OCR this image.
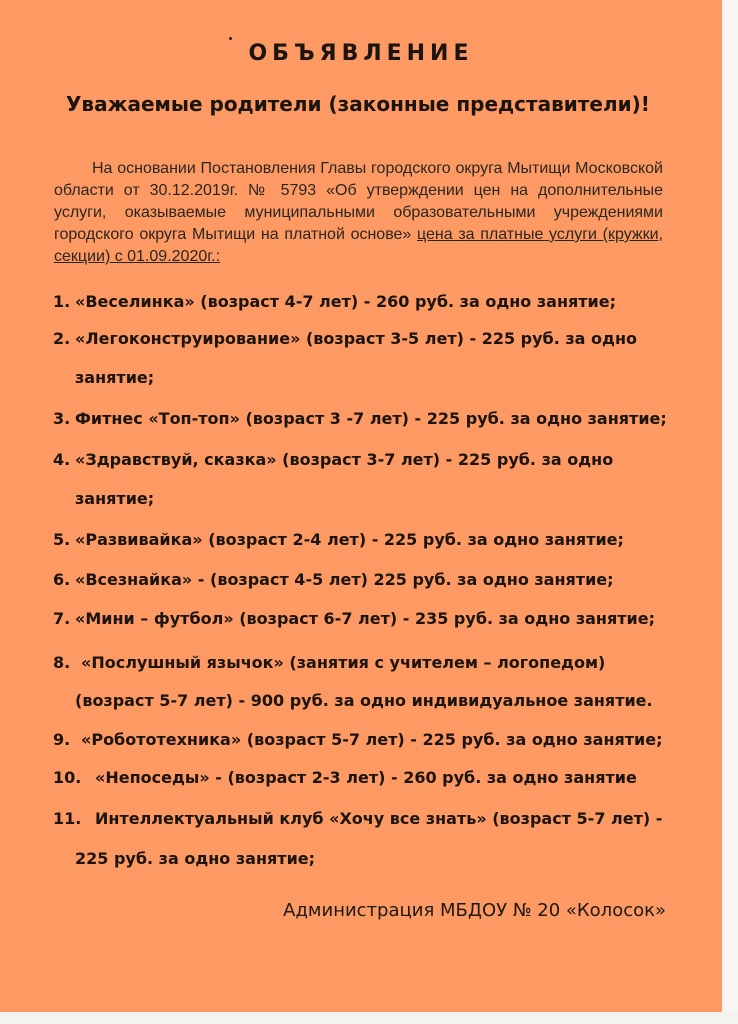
ОБЪЯВЛЕНИЕ
Уважаемые родители (законные представители)!

На основании Постановления Главы городского округа Мытищи Московской области от 30.12.2019г. № 5793 «Об утверждении цен на дополнительные услуги, оказываемые муниципальными образовательными учреждениями городского округа Мытищи на платной основе» цена за платные услуги (кружки, секции) с 01.09.2020г.:

1. «Веселинка» (возраст 4-7 лет) - 260 руб. за одно занятие;
2. «Легоконструирование» (возраст 3-5 лет) - 225 руб. за одно
занятие;
3. Фитнес «Топ-топ» (возраст 3 -7 лет) - 225 руб. за одно занятие;
4. «Здравствуй, сказка» (возраст 3-7 лет) - 225 руб. за одно
занятие;
5. «Развивайка» (возраст 2-4 лет) - 225 руб. за одно занятие;
6. «Всезнайка» - (возраст 4-5 лет) 225 руб. за одно занятие;
7. «Мини – футбол» (возраст 6-7 лет) - 235 руб. за одно занятие;
8. «Послушный язычок» (занятия с учителем – логопедом)
(возраст 5-7 лет) - 900 руб. за одно индивидуальное занятие.
9. «Робототехника» (возраст 5-7 лет) - 225 руб. за одно занятие;
10. «Непоседы» - (возраст 2-3 лет) - 260 руб. за одно занятие
11. Интеллектуальный клуб «Хочу все знать» (возраст 5-7 лет) -
225 руб. за одно занятие;

Администрация МБДОУ № 20 «Колосок»
